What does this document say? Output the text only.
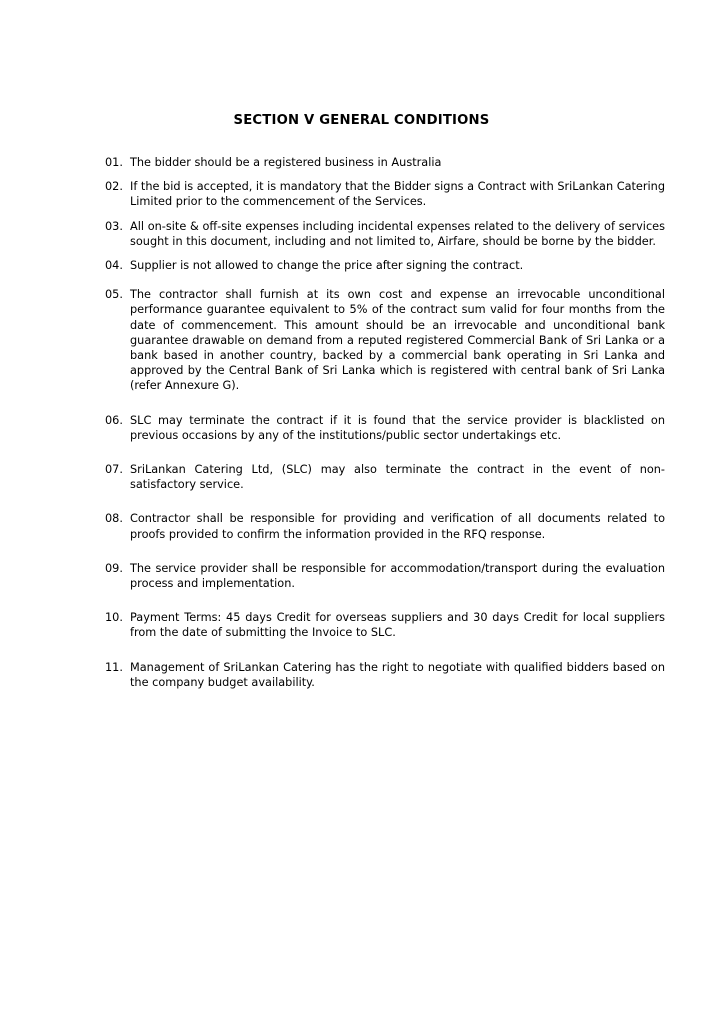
SECTION V GENERAL CONDITIONS
01. The bidder should be a registered business in Australia
02. If the bid is accepted, it is mandatory that the Bidder signs a Contract with SriLankan Catering Limited prior to the commencement of the Services.
03. All on-site & off-site expenses including incidental expenses related to the delivery of services sought in this document, including and not limited to, Airfare, should be borne by the bidder.
04. Supplier is not allowed to change the price after signing the contract.
05. The contractor shall furnish at its own cost and expense an irrevocable unconditional performance guarantee equivalent to 5% of the contract sum valid for four months from the date of commencement. This amount should be an irrevocable and unconditional bank guarantee drawable on demand from a reputed registered Commercial Bank of Sri Lanka or a bank based in another country, backed by a commercial bank operating in Sri Lanka and approved by the Central Bank of Sri Lanka which is registered with central bank of Sri Lanka (refer Annexure G).
06. SLC may terminate the contract if it is found that the service provider is blacklisted on previous occasions by any of the institutions/public sector undertakings etc.
07. SriLankan Catering Ltd, (SLC) may also terminate the contract in the event of non- satisfactory service.
08. Contractor shall be responsible for providing and verification of all documents related to proofs provided to confirm the information provided in the RFQ response.
09. The service provider shall be responsible for accommodation/transport during the evaluation process and implementation.
10. Payment Terms: 45 days Credit for overseas suppliers and 30 days Credit for local suppliers from the date of submitting the Invoice to SLC.
11. Management of SriLankan Catering has the right to negotiate with qualified bidders based on the company budget availability.
